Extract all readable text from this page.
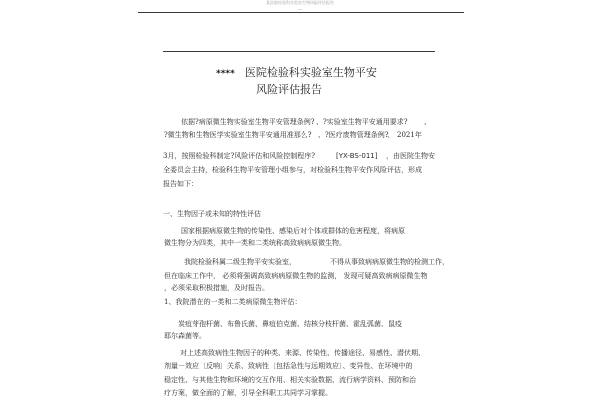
某医院检验科实验室生物风险评估报告
—
**** 医院检验科实验室生物平安
风险评估报告
依据?病原微生物实验室生物平安管理条例? 、?实验室生物平安通用要求? 、
?微生物和生物医学实验室生物平安通用准那么? 、?医疗废物管理条例?
、 2021年
3月，按照检验科制定?风险评估和风险控制程序?	[YX-BS-011] ，由医院生物安
全委员会主持，检验科生物平安管理小组参与，对检验科生物平安作风险评估，形成
报告如下：
一、生物因子或未知的特性评估
国家根据病原微生物的传染性、感染后对个体或群体的危害程度，将病原
微生物分为四类，其中一类和二类统称高致病病原微生物。
我院检验科属二级生物平安实验室，	不得从事致病病原微生物的检测工作，
但在临床工作中， 必须将强调高致病病原微生物的监测， 发现可疑高致病病原微生物
，必须采取积极措施，及时报告。
1、我院潜在的一类和二类病原微生物评估：
炭疽芽孢杆菌、布鲁氏菌、鼻疽伯克菌、结核分枝杆菌、霍乱弧菌、鼠疫
耶尔森菌等。
对上述高致病性生物因子的种类、来源、传染性、传播途径、易感性、潜伏期、
剂量－效应〔反响〕关系、致病性〔包括急性与远期效应〕、变异性、在环境中的
稳定性、与其他生物和环境的交互作用、相关实验数据、流行病学资料、预防和治
疗方案，做全面的了解，引导全科职工共同学习掌握。
